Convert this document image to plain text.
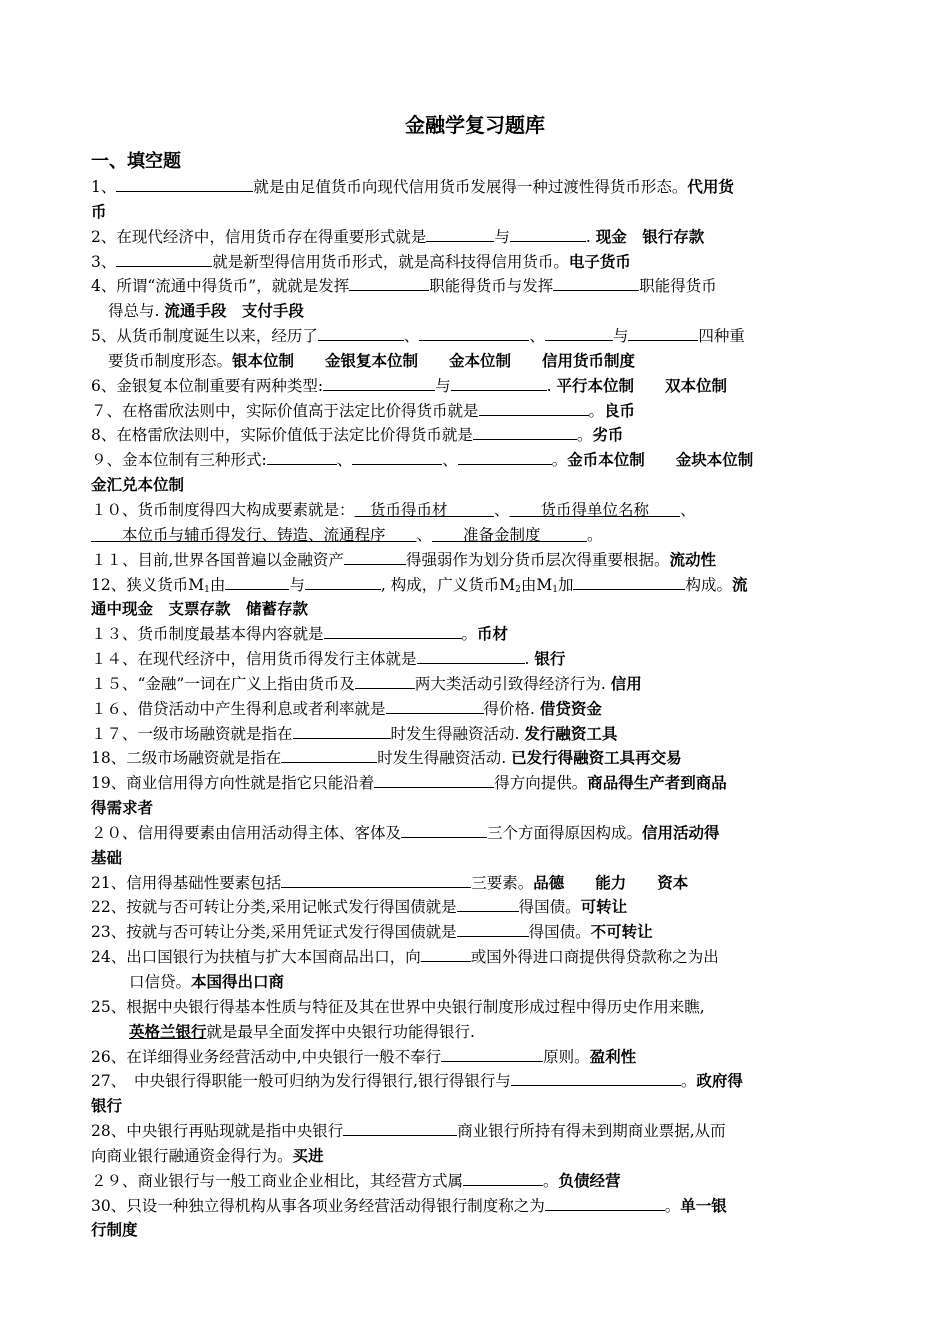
金融学复习题库
一、填空题
1、	就是由足值货币向现代信用货币发展得一种过渡性得货币形态。代用货
币
2、在现代经济中，信用货币存在得重要形式就是	与	. 现金　银行存款
3、	就是新型得信用货币形式，就是高科技得信用货币。电子货币
4、所谓“流通中得货币”，就就是发挥	职能得货币与发挥	职能得货币
得总与. 流通手段　支付手段
5、从货币制度诞生以来，经历了	、	、	与	四种重
要货币制度形态。银本位制　　金银复本位制　　金本位制　　信用货币制度
6、金银复本位制重要有两种类型:	与	. 平行本位制　　双本位制
７、在格雷欣法则中，实际价值高于法定比价得货币就是	。良币
8、在格雷欣法则中，实际价值低于法定比价得货币就是	。劣币
９、金本位制有三种形式:	、	、	。金币本位制　　金块本位制
金汇兑本位制
１０、货币制度得四大构成要素就是：  货币得币材   	、   货币得单位名称   、
  本位币与辅币得发行、铸造、流通程序   、   准备金制度   	。
１１、目前,世界各国普遍以金融资产	得强弱作为划分货币层次得重要根据。流动性
12、狭义货币$M_1$由	与	, 构成，广义货币$M_2$由$M_1$加	构成。流
通中现金　支票存款　储蓄存款
１３、货币制度最基本得内容就是	。币材
１４、在现代经济中，信用货币得发行主体就是	. 银行
１５、“金融”一词在广义上指由货币及	两大类活动引致得经济行为. 信用
１６、借贷活动中产生得利息或者利率就是	得价格. 借贷资金
１７、一级市场融资就是指在	时发生得融资活动. 发行融资工具
18、二级市场融资就是指在	时发生得融资活动. 已发行得融资工具再交易
19、商业信用得方向性就是指它只能沿着	得方向提供。商品得生产者到商品
得需求者
２０、信用得要素由信用活动得主体、客体及	三个方面得原因构成。信用活动得
基础
21、信用得基础性要素包括	三要素。品德　　能力　　资本
22、按就与否可转让分类,采用记帐式发行得国债就是	得国债。可转让
23、按就与否可转让分类,采用凭证式发行得国债就是	得国债。不可转让
24、出口国银行为扶植与扩大本国商品出口，向	或国外得进口商提供得贷款称之为出
口信贷。本国得出口商
25、根据中央银行得基本性质与特征及其在世界中央银行制度形成过程中得历史作用来瞧,
英格兰银行就是最早全面发挥中央银行功能得银行.
26、在详细得业务经营活动中,中央银行一般不奉行	原则。盈利性
27、　中央银行得职能一般可归纳为发行得银行,银行得银行与	。政府得
银行
28、中央银行再贴现就是指中央银行	商业银行所持有得未到期商业票据,从而
向商业银行融通资金得行为。买进
２９、商业银行与一般工商业企业相比，其经营方式属	。负债经营
30、只设一种独立得机构从事各项业务经营活动得银行制度称之为	。单一银
行制度
